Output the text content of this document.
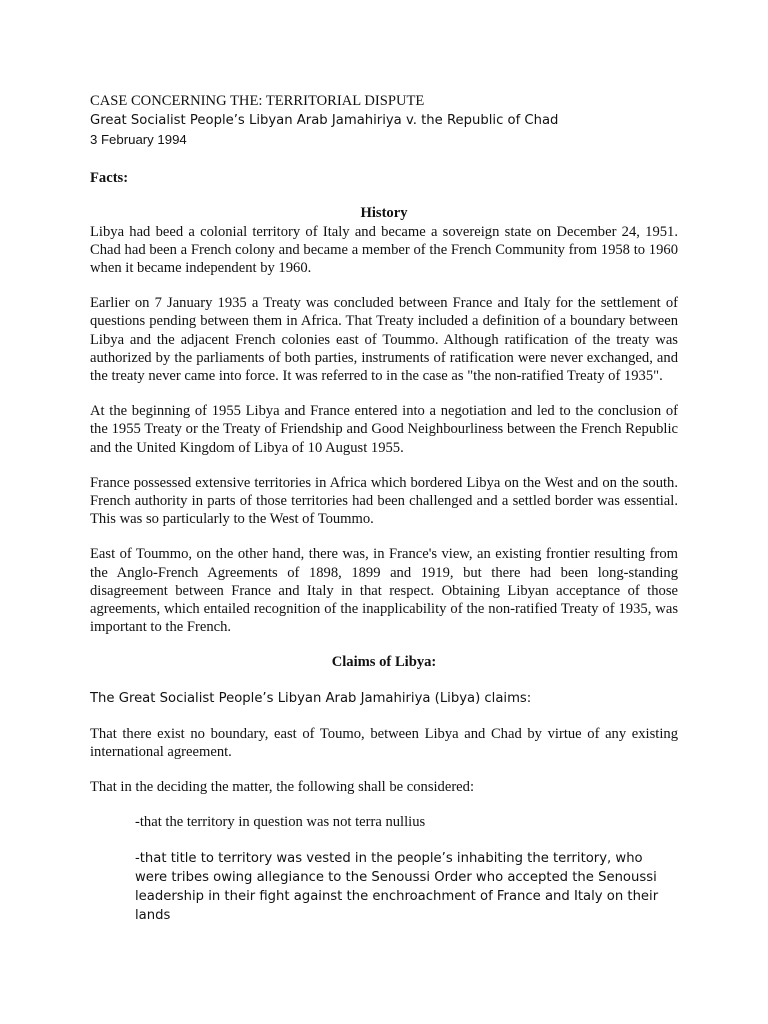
CASE CONCERNING THE: TERRITORIAL DISPUTE
Great Socialist People’s Libyan Arab Jamahiriya v. the Republic of Chad
3 February 1994
Facts:
History

Libya had beed a colonial territory of Italy and became a sovereign state on December 24, 1951. Chad had been a French colony and became a member of the French Community from 1958 to 1960 when it became independent by 1960.

Earlier on 7 January 1935 a Treaty was concluded between France and Italy for the settlement of questions pending between them in Africa. That Treaty included a definition of a boundary between Libya and the adjacent French colonies east of Toummo. Although ratification of the treaty was authorized by the parliaments of both parties, instruments of ratification were never exchanged, and the treaty never came into force. It was referred to in the case as "the non-ratified Treaty of 1935".

At the beginning of 1955 Libya and France entered into a negotiation and led to the conclusion of the 1955 Treaty or the Treaty of Friendship and Good Neighbourliness between the French Republic and the United Kingdom of Libya of 10 August 1955.

France possessed extensive territories in Africa which bordered Libya on the West and on the south. French authority in parts of those territories had been challenged and a settled border was essential. This was so particularly to the West of Toummo.

East of Toummo, on the other hand, there was, in France's view, an existing frontier resulting from the Anglo-French Agreements of 1898, 1899 and 1919, but there had been long-standing disagreement between France and Italy in that respect. Obtaining Libyan acceptance of those agreements, which entailed recognition of the inapplicability of the non-ratified Treaty of 1935, was important to the French.

Claims of Libya:
The Great Socialist People’s Libyan Arab Jamahiriya (Libya) claims:

That there exist no boundary, east of Toumo, between Libya and Chad by virtue of any existing international agreement.

That in the deciding the matter, the following shall be considered:

-that the territory in question was not terra nullius

-that title to territory was vested in the people’s inhabiting the territory, who were tribes owing allegiance to the Senoussi Order who accepted the Senoussi leadership in their fight against the enchroachment of France and Italy on their lands
